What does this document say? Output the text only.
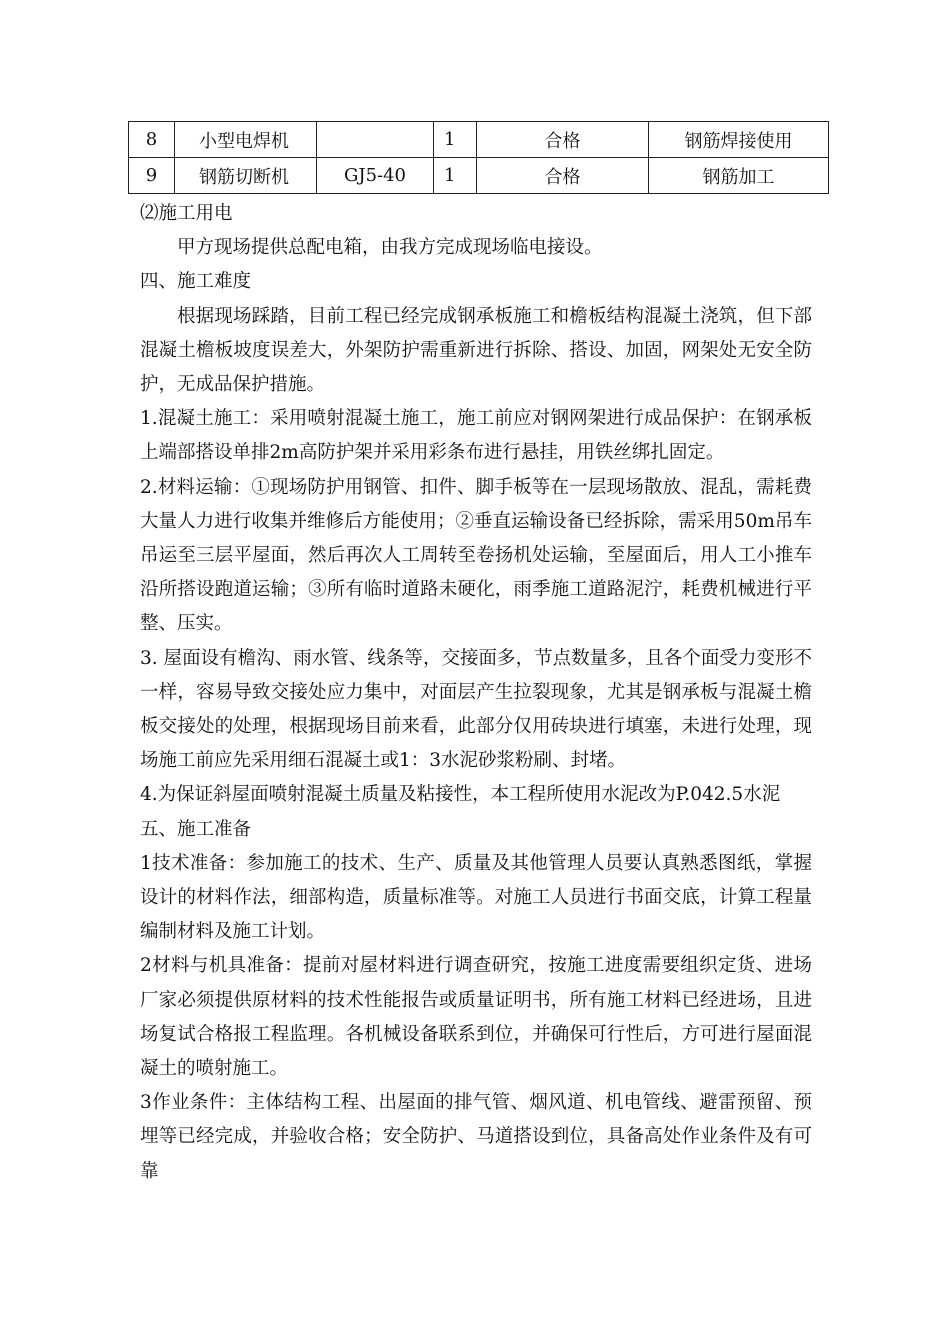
8	小型电焊机		1	合格	钢筋焊接使用
9	钢筋切断机	GJ5-40	1	合格	钢筋加工

⑵施工用电

甲方现场提供总配电箱，由我方完成现场临电接设。

四、施工难度

根据现场踩踏，目前工程已经完成钢承板施工和檐板结构混凝土浇筑，但下部混凝土檐板坡度误差大，外架防护需重新进行拆除、搭设、加固，网架处无安全防护，无成品保护措施。

1.混凝土施工：采用喷射混凝土施工，施工前应对钢网架进行成品保护：在钢承板上端部搭设单排2m高防护架并采用彩条布进行悬挂，用铁丝绑扎固定。

2.材料运输：①现场防护用钢管、扣件、脚手板等在一层现场散放、混乱，需耗费大量人力进行收集并维修后方能使用；②垂直运输设备已经拆除，需采用50m吊车吊运至三层平屋面，然后再次人工周转至卷扬机处运输，至屋面后，用人工小推车沿所搭设跑道运输；③所有临时道路未硬化，雨季施工道路泥泞，耗费机械进行平整、压实。

3. 屋面设有檐沟、雨水管、线条等，交接面多，节点数量多，且各个面受力变形不一样，容易导致交接处应力集中，对面层产生拉裂现象，尤其是钢承板与混凝土檐板交接处的处理，根据现场目前来看，此部分仅用砖块进行填塞，未进行处理，现场施工前应先采用细石混凝土或1：3水泥砂浆粉刷、封堵。

4.为保证斜屋面喷射混凝土质量及粘接性，本工程所使用水泥改为P.042.5水泥

五、施工准备

1技术准备：参加施工的技术、生产、质量及其他管理人员要认真熟悉图纸，掌握设计的材料作法，细部构造，质量标准等。对施工人员进行书面交底，计算工程量编制材料及施工计划。

2材料与机具准备：提前对屋材料进行调查研究，按施工进度需要组织定货、进场厂家必须提供原材料的技术性能报告或质量证明书，所有施工材料已经进场，且进场复试合格报工程监理。各机械设备联系到位，并确保可行性后，方可进行屋面混凝土的喷射施工。

3作业条件：主体结构工程、出屋面的排气管、烟风道、机电管线、避雷预留、预埋等已经完成，并验收合格；安全防护、马道搭设到位，具备高处作业条件及有可靠
